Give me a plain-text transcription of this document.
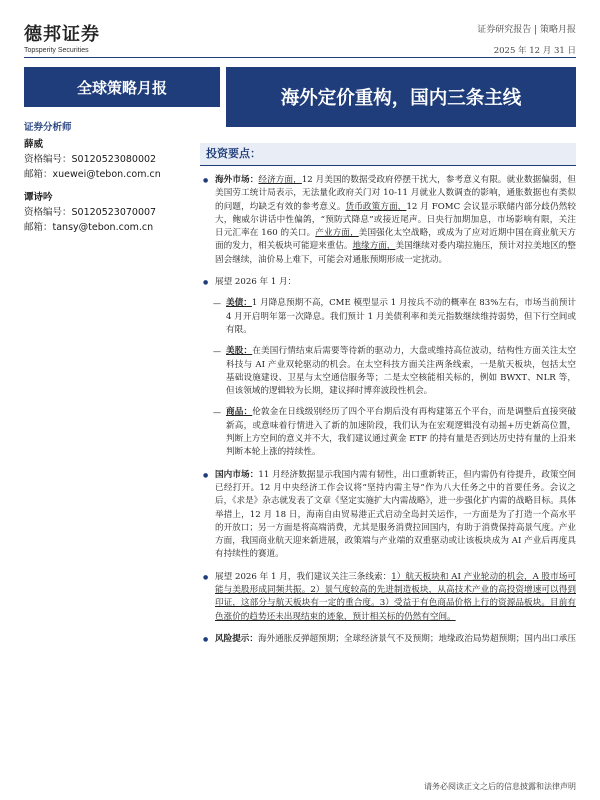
德邦证券
Topsperity Securities
证券研究报告 | 策略月报
2025 年 12 月 31 日
全球策略月报
海外定价重构，国内三条主线
证券分析师
薛威
资格编号：S0120523080002
邮箱：xuewei@tebon.com.cn
谭诗吟
资格编号：S0120523070007
邮箱：tansy@tebon.com.cn
投资要点：

● 海外市场：经济方面，12 月美国的数据受政府停摆干扰大，参考意义有限。就业数据偏弱，但美国劳工统计局表示，无法量化政府关门对 10-11 月就业人数调查的影响，通胀数据也有类似的问题，均缺乏有效的参考意义。货币政策方面，12 月 FOMC 会议显示联储内部分歧仍然较大，鲍威尔讲话中性偏鸽，“预防式降息”或接近尾声。日央行加期加息，市场影响有限，关注日元汇率在 160 的关口。产业方面，美国强化太空战略，或成为了应对近期中国在商业航天方面的发力，相关板块可能迎来重估。地缘方面，美国继续对委内瑞拉施压，预计对拉美地区的整固会继续，油价易上难下，可能会对通胀预期形成一定扰动。

● 展望 2026 年 1 月：

— 美债：1 月降息预期不高，CME 模型显示 1 月按兵不动的概率在 83%左右，市场当前预计 4 月开启明年第一次降息。我们预计 1 月美债利率和美元指数继续维持弱势，但下行空间或有限。

— 美股：在美国行情结束后需要等待新的驱动力，大盘或维持高位波动，结构性方面关注太空科技与 AI 产业双轮驱动的机会。在太空科技方面关注两条线索，一是航天板块，包括太空基础设施建设、卫星与太空通信服务等；二是太空核能相关标的，例如 BWXT、NLR 等，但该领域的逻辑较为长期，建议择时博弈波段性机会。

— 商品：伦敦金在日线级别经历了四个平台期后没有再构建第五个平台，而是调整后直接突破新高，或意味着行情进入了新的加速阶段，我们认为在宏观逻辑没有动摇+历史新高位置，判断上方空间的意义并不大，我们建议通过黄金 ETF 的持有量是否到达历史持有量的上沿来判断本轮上涨的持续性。

● 国内市场：11 月经济数据显示我国内需有韧性，出口重新转正，但内需仍有待提升，政策空间已经打开。12 月中央经济工作会议将“坚持内需主导”作为八大任务之中的首要任务。会议之后，《求是》杂志就发表了文章《坚定实施扩大内需战略》，进一步强化扩内需的战略目标。具体举措上，12 月 18 日，海南自由贸易港正式启动全岛封关运作，一方面是为了打造一个高水平的开放口；另一方面是将高端消费，尤其是服务消费拉回国内，有助于消费保持高景气度。产业方面，我国商业航天迎来新进展，政策端与产业端的双重驱动或让该板块成为 AI 产业后再度具有持续性的赛道。

● 展望 2026 年 1 月，我们建议关注三条线索：1）航天板块和 AI 产业轮动的机会，A 股市场可能与美股形成同频共振。2）景气度较高的先进制造板块，从高技术产业的高投资增速可以得到印证，这部分与航天板块有一定的重合度。3）受益于有色商品价格上行的资源品板块。目前有色涨价的趋势还未出现结束的迹象，预计相关标的仍然有空间。

● 风险提示：海外通胀反弹超预期；全球经济景气不及预期；地缘政治局势超预期；国内出口承压

请务必阅读正文之后的信息披露和法律声明
